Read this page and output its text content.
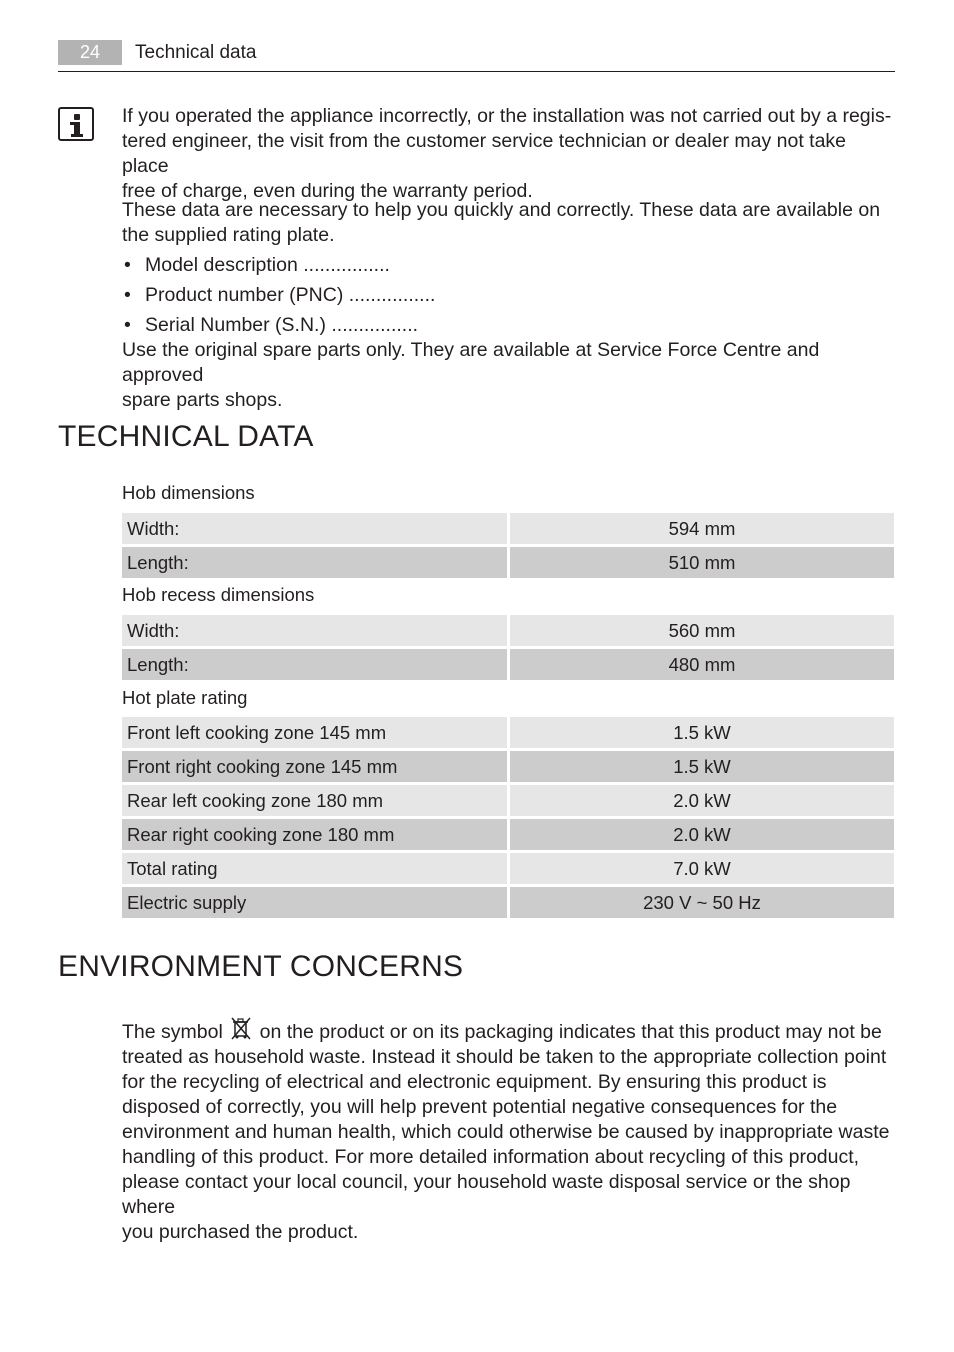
24	Technical data
If you operated the appliance incorrectly, or the installation was not carried out by a regis-
tered engineer, the visit from the customer service technician or dealer may not take place
free of charge, even during the warranty period.
These data are necessary to help you quickly and correctly. These data are available on
the supplied rating plate.
• Model description ................
• Product number (PNC) ................
• Serial Number (S.N.) ................
Use the original spare parts only. They are available at Service Force Centre and approved
spare parts shops.
TECHNICAL DATA
Hob dimensions
Width:	594 mm
Length:	510 mm
Hob recess dimensions
Width:	560 mm
Length:	480 mm
Hot plate rating
Front left cooking zone 145 mm	1.5 kW
Front right cooking zone 145 mm	1.5 kW
Rear left cooking zone 180 mm	2.0 kW
Rear right cooking zone 180 mm	2.0 kW
Total rating	7.0 kW
Electric supply	230 V ~ 50 Hz
ENVIRONMENT CONCERNS
The symbol on the product or on its packaging indicates that this product may not be
treated as household waste. Instead it should be taken to the appropriate collection point
for the recycling of electrical and electronic equipment. By ensuring this product is
disposed of correctly, you will help prevent potential negative consequences for the
environment and human health, which could otherwise be caused by inappropriate waste
handling of this product. For more detailed information about recycling of this product,
please contact your local council, your household waste disposal service or the shop where
you purchased the product.
